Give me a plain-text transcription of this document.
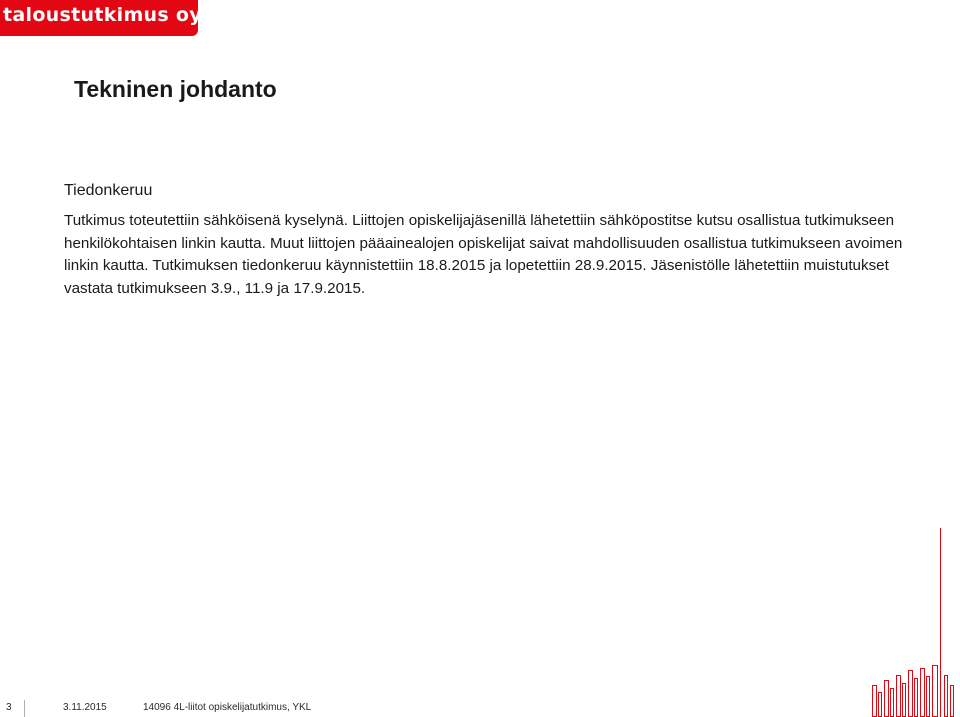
taloustutkimus oy
Tekninen johdanto
Tiedonkeruu
Tutkimus toteutettiin sähköisenä kyselynä. Liittojen opiskelijajäsenillä lähetettiin sähköpostitse kutsu osallistua tutkimukseen henkilökohtaisen linkin kautta. Muut liittojen pääainealojen opiskelijat saivat mahdollisuuden osallistua tutkimukseen avoimen linkin kautta. Tutkimuksen tiedonkeruu käynnistettiin 18.8.2015 ja lopetettiin 28.9.2015. Jäsenistölle lähetettiin muistutukset vastata tutkimukseen 3.9., 11.9 ja 17.9.2015.
3	3.11.2015	14096 4L-liitot opiskelijatutkimus, YKL
